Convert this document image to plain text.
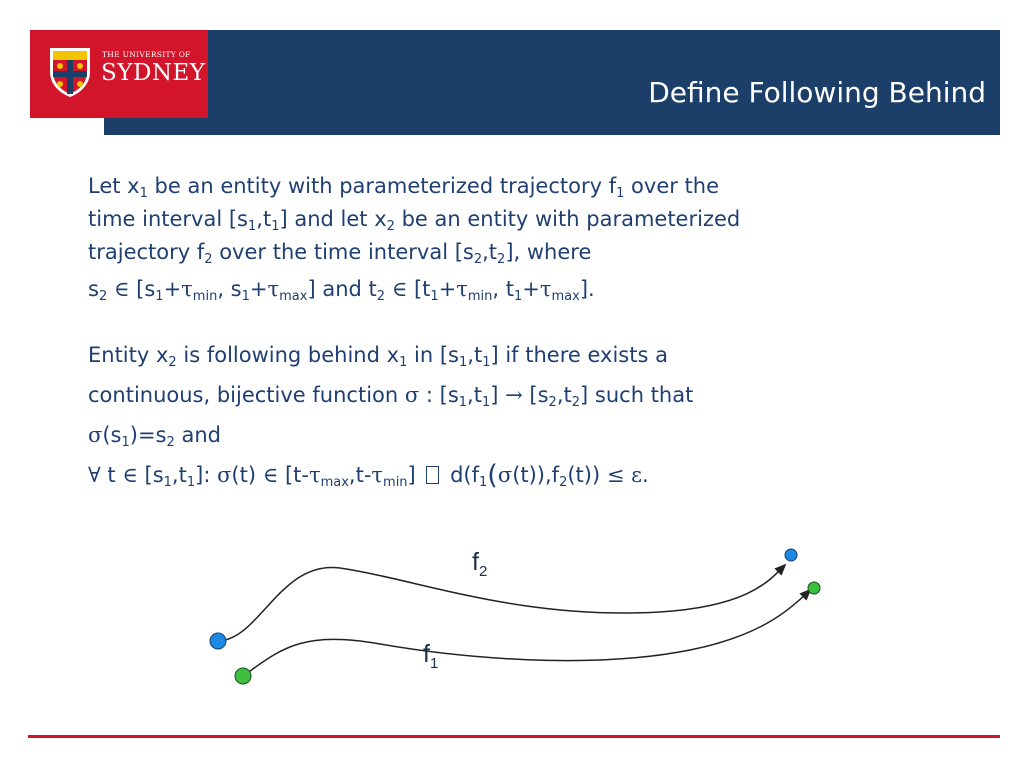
Define Following Behind
THE UNIVERSITY OF
SYDNEY
Let $x_1$ be an entity with parameterized trajectory $f_1$ over the
time interval $[s_1,t_1]$ and let $x_2$ be an entity with parameterized
trajectory $f_2$ over the time interval $[s_2,t_2]$, where
$s_2$ ∈ [$s_1+\tau_{min}$, $s_1+\tau_{max}$] and $t_2$ ∈ [$t_1+\tau_{min}$, $t_1+\tau_{max}$].
Entity $x_2$ is following behind $x_1$ in $[s_1,t_1]$ if there exists a
continuous, bijective function σ : $[s_1,t_1] \to [s_2,t_2]$ such that
$\sigma(s_1)=s_2$ and
∀ t ∈ $[s_1,t_1]$: σ(t) ∈ $[t-\tau_{max},t-\tau_{min}] d(f_1(\sigma(t)),f_2(t)) \le \varepsilon$.
$f_2$
$f_1$
